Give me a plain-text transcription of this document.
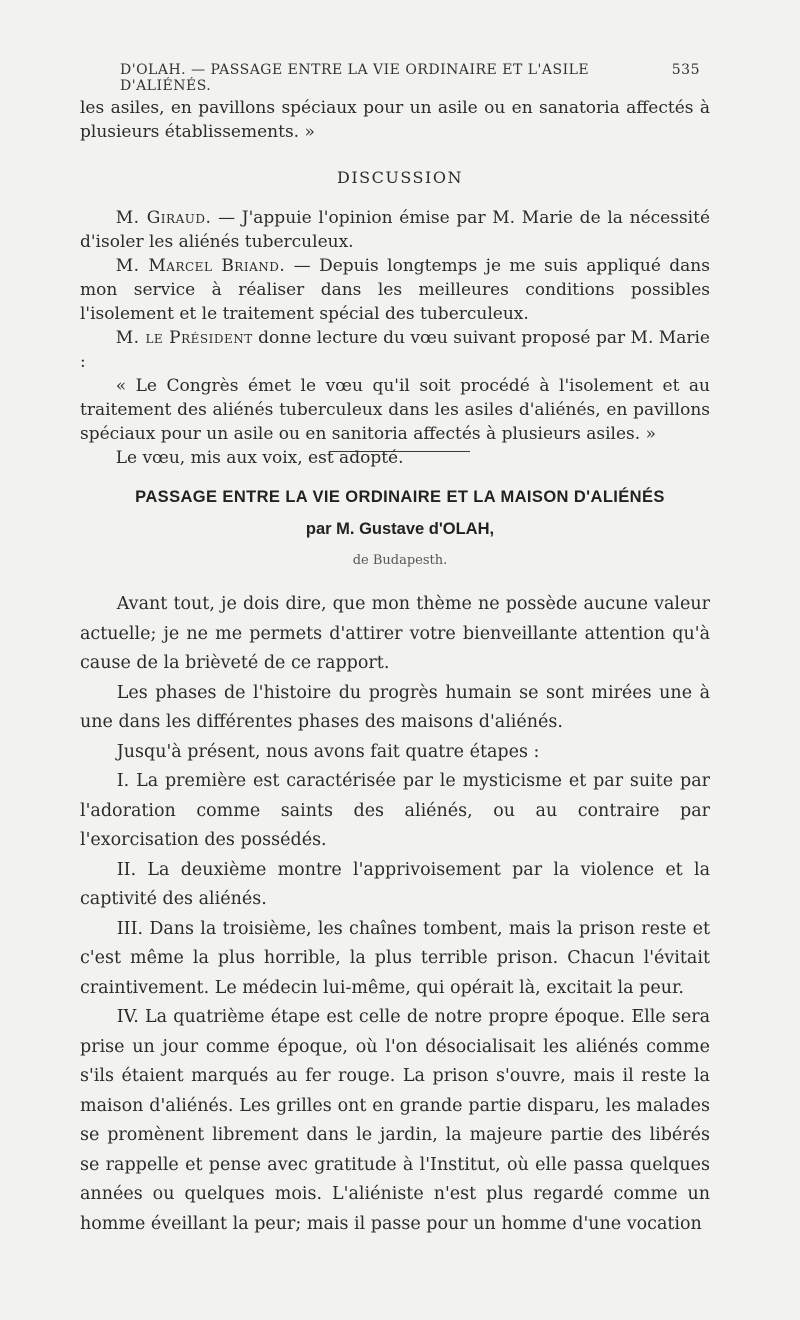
D'OLAH. — PASSAGE ENTRE LA VIE ORDINAIRE ET L'ASILE D'ALIÉNÉS.
535

les asiles, en pavillons spéciaux pour un asile ou en sanatoria affectés à plusieurs établissements. »

DISCUSSION

M. Giraud. — J'appuie l'opinion émise par M. Marie de la nécessité d'isoler les aliénés tuberculeux.

M. Marcel Briand. — Depuis longtemps je me suis appliqué dans mon service à réaliser dans les meilleures conditions possibles l'isolement et le traitement spécial des tuberculeux.

M. le Président donne lecture du vœu suivant proposé par M. Marie :

« Le Congrès émet le vœu qu'il soit procédé à l'isolement et au traitement des aliénés tuberculeux dans les asiles d'aliénés, en pavillons spéciaux pour un asile ou en sanitoria affectés à plusieurs asiles. »

Le vœu, mis aux voix, est adopté.

PASSAGE ENTRE LA VIE ORDINAIRE ET LA MAISON D'ALIÉNÉS
par M. Gustave d'OLAH,
de Budapesth.

Avant tout, je dois dire, que mon thème ne possède aucune valeur actuelle; je ne me permets d'attirer votre bienveillante attention qu'à cause de la brièveté de ce rapport.

Les phases de l'histoire du progrès humain se sont mirées une à une dans les différentes phases des maisons d'aliénés.

Jusqu'à présent, nous avons fait quatre étapes :

I. La première est caractérisée par le mysticisme et par suite par l'adoration comme saints des aliénés, ou au contraire par l'exorcisation des possédés.

II. La deuxième montre l'apprivoisement par la violence et la captivité des aliénés.

III. Dans la troisième, les chaînes tombent, mais la prison reste et c'est même la plus horrible, la plus terrible prison. Chacun l'évitait craintivement. Le médecin lui-même, qui opérait là, excitait la peur.

IV. La quatrième étape est celle de notre propre époque. Elle sera prise un jour comme époque, où l'on désocialisait les aliénés comme s'ils étaient marqués au fer rouge. La prison s'ouvre, mais il reste la maison d'aliénés. Les grilles ont en grande partie disparu, les malades se promènent librement dans le jardin, la majeure partie des libérés se rappelle et pense avec gratitude à l'Institut, où elle passa quelques années ou quelques mois. L'aliéniste n'est plus regardé comme un homme éveillant la peur; mais il passe pour un homme d'une vocation
